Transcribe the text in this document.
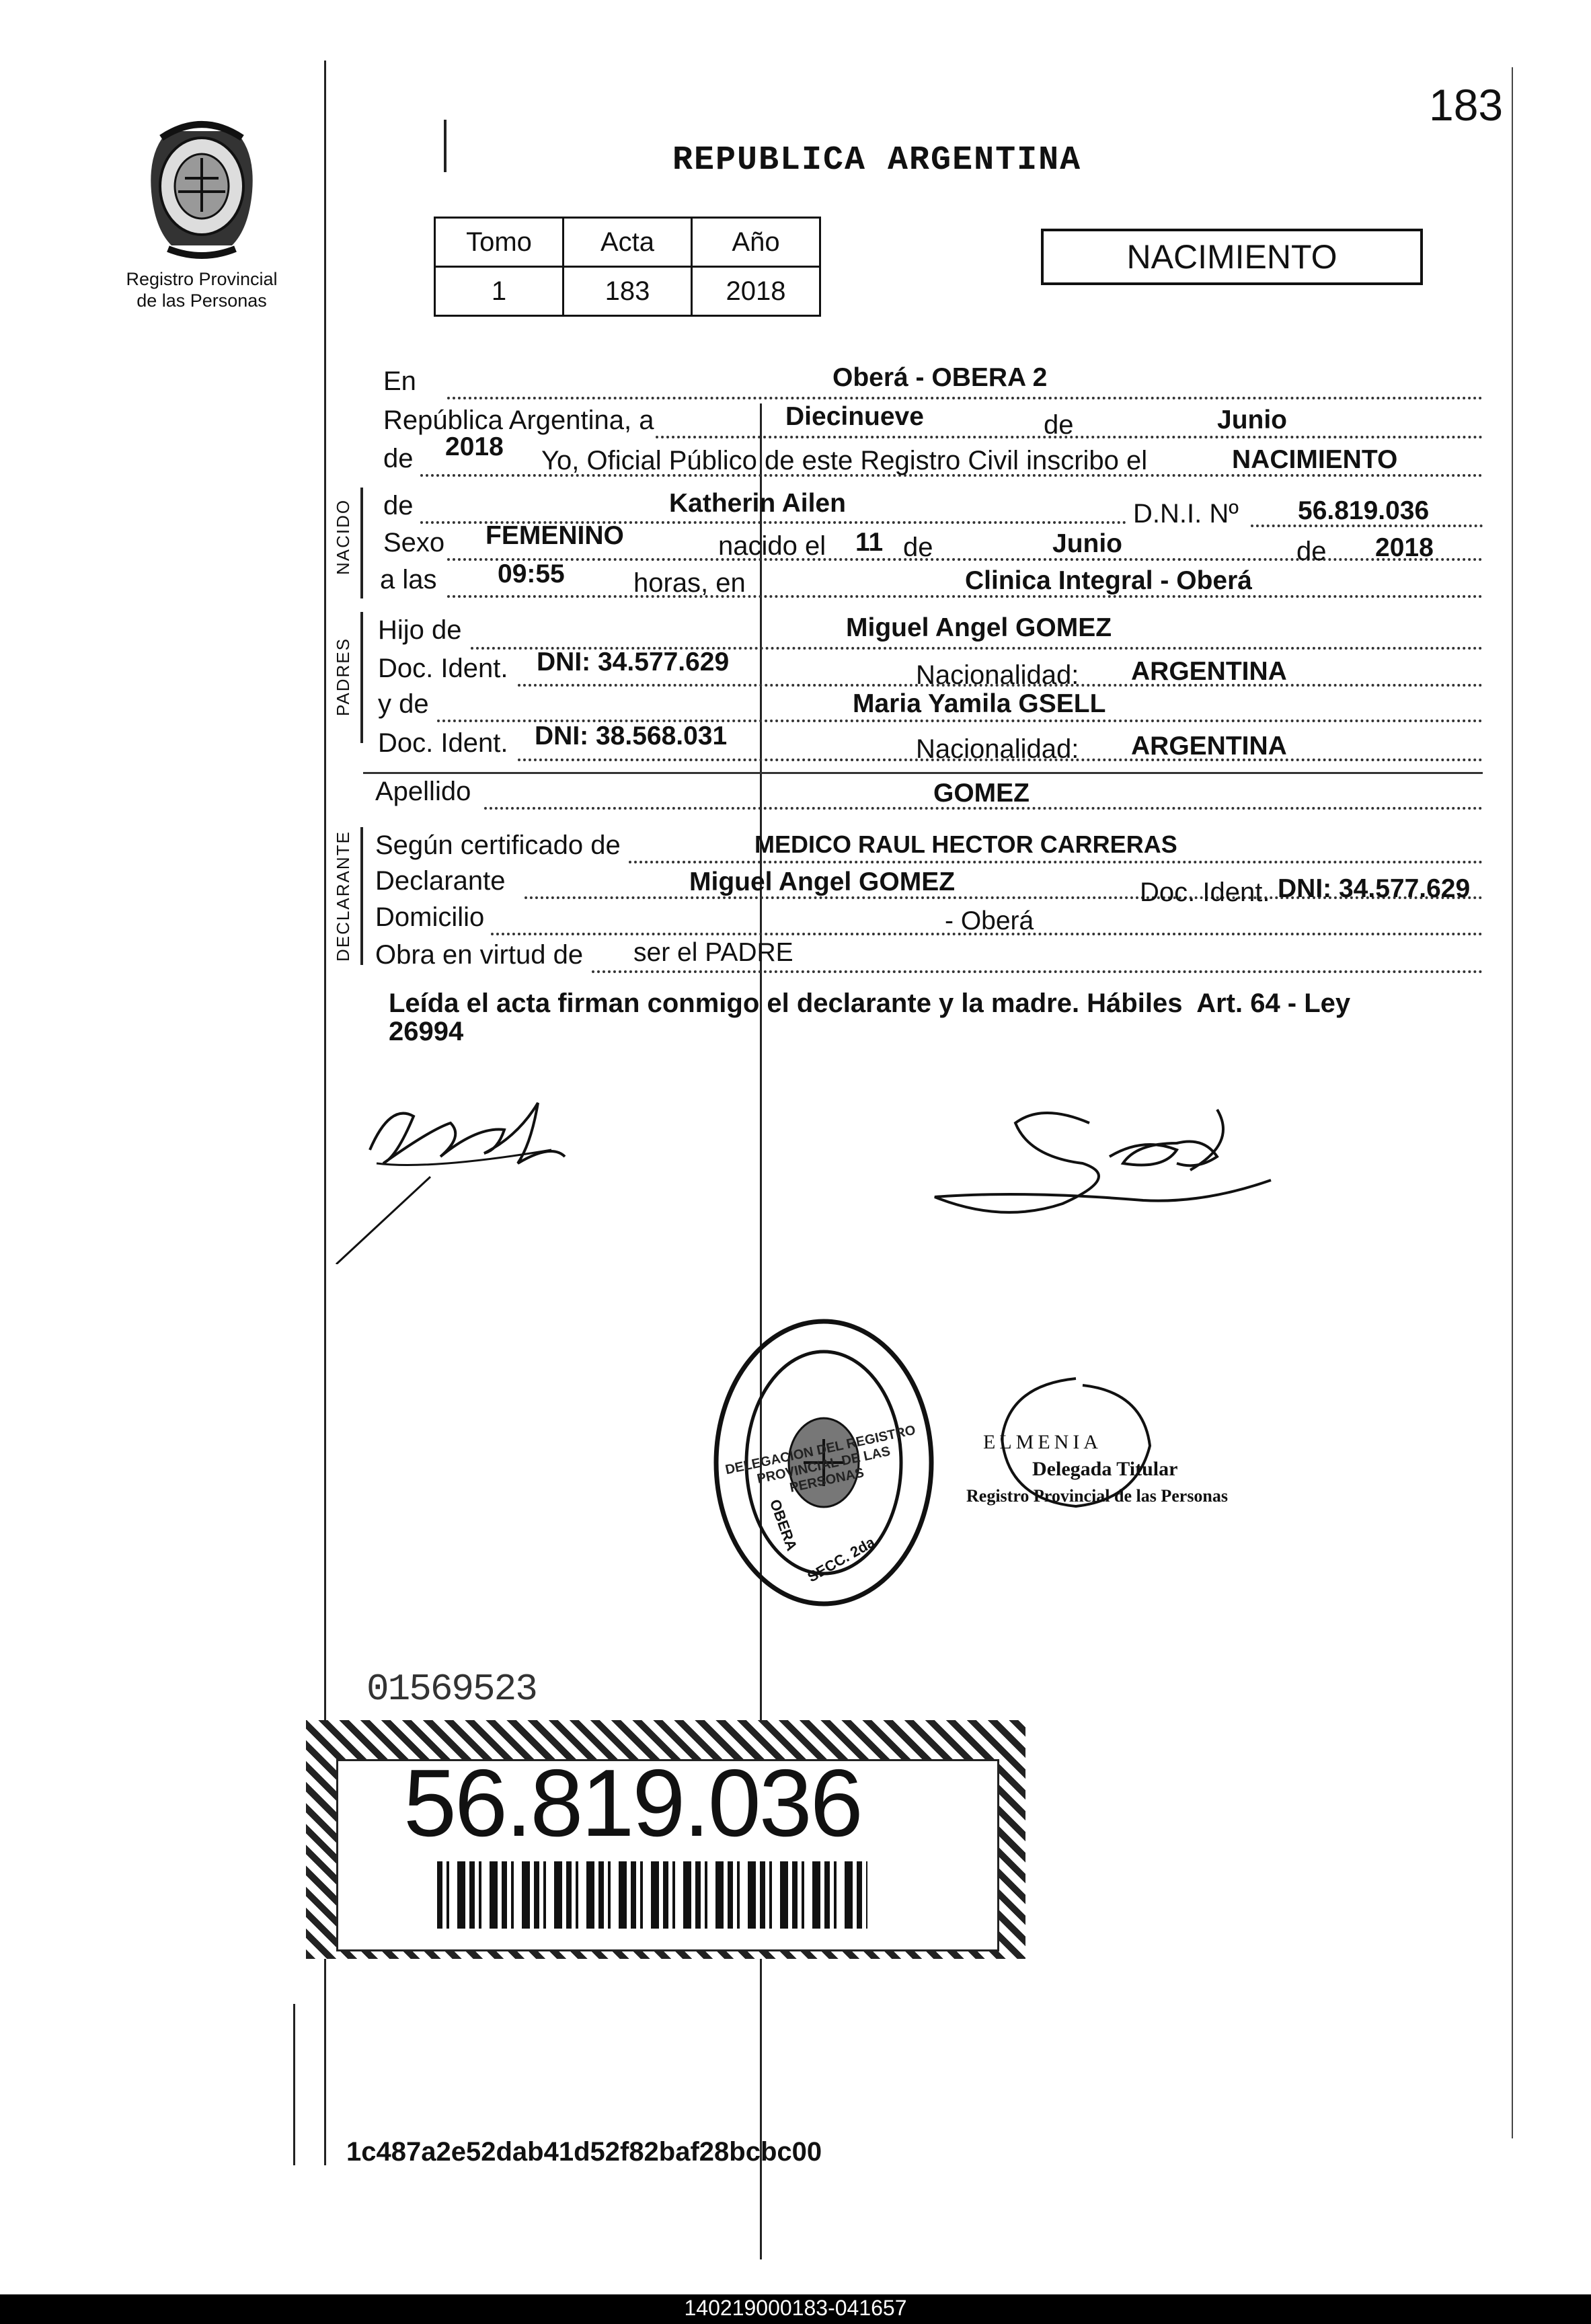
183
Registro Provincial
de las Personas
REPUBLICA ARGENTINA
Tomo	Acta	Año
1	183	2018
NACIMIENTO
En	Oberá - OBERA 2
República Argentina, a	Diecinueve	de	Junio
de 2018 Yo, Oficial Público de este Registro Civil inscribo el	NACIMIENTO
NACIDO de	Katherin Ailen	D.N.I. Nº 56.819.036
Sexo FEMENINO	nacido el 11 de	Junio	de 2018
a las 09:55	horas, en	Clinica Integral - Oberá
PADRES
Hijo de	Miguel Angel GOMEZ
Doc. Ident. DNI: 34.577.629	Nacionalidad: ARGENTINA
y de	Maria Yamila GSELL
Doc. Ident. DNI: 38.568.031	Nacionalidad: ARGENTINA
Apellido	GOMEZ
DECLARANTE Según certificado de	MEDICO RAUL HECTOR CARRERAS
Declarante	Miguel Angel GOMEZ	Doc. Ident. DNI: 34.577.629
Domicilio	- Oberá
Obra en virtud de ser el PADRE
Leída el acta firman conmigo el declarante y la madre. Hábiles  Art. 64 - Ley
26994
DELEGACION DEL REGISTRO PROVINCIAL DE LAS PERSONAS
OBERA
SECC. 2da.
ELMENIA
Delegada Titular
Registro Provincial de las Personas
01569523
56.819.036
1c487a2e52dab41d52f82baf28bcbc00
140219000183-041657
